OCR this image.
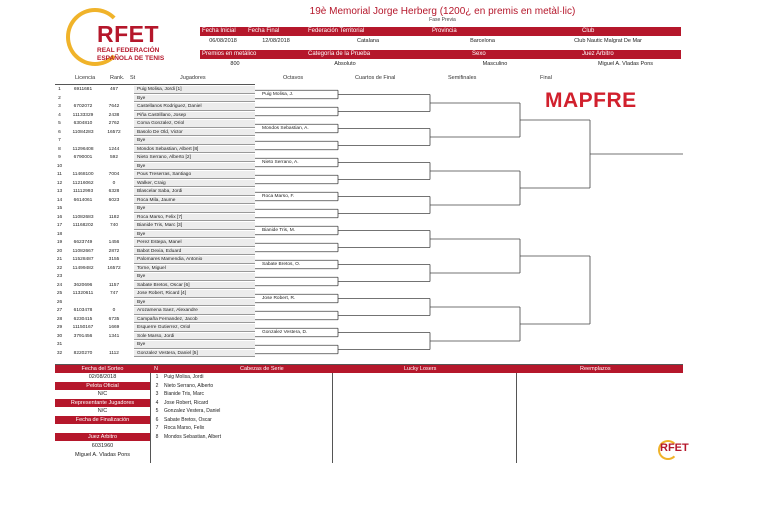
RFET
REAL FEDERACIÓN
ESPAÑOLA DE TENIS
19è Memorial Jorge Herberg (1200¿ en premis en metàl·lic)
Fase Previa
Fecha Inicial	Fecha Final	Federación Territorial	Provincia	Club
06/08/2018	12/08/2018	Catalana	Barcelona	Club Nautic Malgrat De Mar
Premios en metálico	Categoría de la Prueba	Sexo	Juez Arbitro
800	Absoluto	Masculino	Miguel A. Vladas Pons
Licencia	Rank. St	Jugadores	Octavos	Cuartos de Final	Semifinales	Final
1	6911681	467	Puig Molisa, Jordi [1]
2	Bye
3	6702072	7642	Castellanos Rodriguez, Daniel
4	11133329	2438	Piña Castrillano, Josep
5	6304810	2762	Coma Gonzalez, Oriol
6	11084283	16572	Basolo De Old, Victor
7	Bye
8	11296408	1244	Mondos Sebastian, Albert [8]
9	6790001	592	Nieto Serrano, Alberto [2]
10	Bye
11	11468100	7004	Pous Treserras, Santiago
12	11216062	0	Walker, Craig
13	11112993	6328	Blascelar Saba, Jordi
14	6614061	6023	Roca Mila, Jaume
15	Bye
16	11082683	1182	Roca Marso, Felix [7]
17	11168202	740	Bianide Tris, Marc [3]
18	Bye
19	6623749	1456	Perez Estepa, Manel
20	11082667	2872	Babot Dexia, Eduard
21	11528487	3155	Palomares Mamendia, Antonio
22	11499482	16572	Torne, Miguel
23	Bye
24	3620696	1157	Sabate Bretos, Oscar [6]
25	11320611	747	Jose Robert, Ricard [4]
26	Bye
27	6103478	0	Arozamena Saez, Alexandre
28	6230415	6735	Campaña Fernandez, Jacob
29	11150167	1669	Esquerre Gutierrez, Oriol
30	3791456	1341	Sole Marso, Jordi
31	Bye
32	8220270	1112	Gonzalez Vestera, Daniel [5]
Puig Molisa, J.
Mondos Sebastian, A.
Nieto Serrano, A.
Roca Marso, F.
Bianide Tris, M.
Sabate Bretos, O.
Jose Robert, R.
Gonzalez Vestera, D.
MAPFRE
Fecha del Sorteo
02/08/2018
Pelota Oficial
N/C
Representante Jugadores
N/C
Fecha de Finalización
Juez Arbitro
6031960
Miguel A. Vladas Pons
N	Cabezas de Serie	Lucky Losers	Reemplazos
1	Puig Molisa, Jordi
2	Nieto Serrano, Alberto
3	Bianide Tris, Marc
4	Jose Robert, Ricard
5	Gonzalez Vestera, Daniel
6	Sabate Bretos, Oscar
7	Roca Marso, Felix
8	Mondos Sebastian, Albert
RFET
